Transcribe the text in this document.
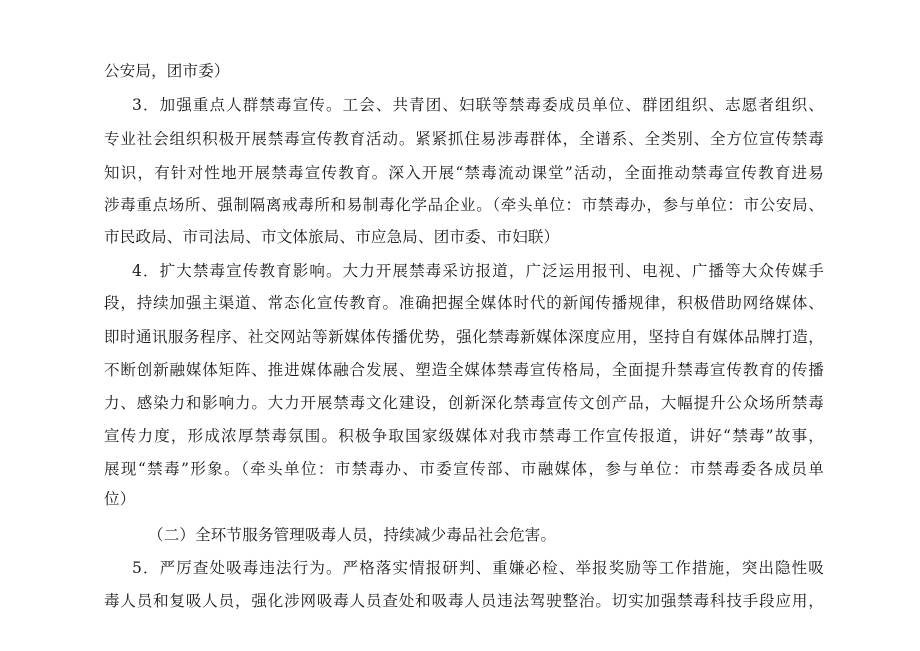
公安局，团市委）
3．加强重点人群禁毒宣传。工会、共青团、妇联等禁毒委成员单位、群团组织、志愿者组织、
专业社会组织积极开展禁毒宣传教育活动。紧紧抓住易涉毒群体，全谱系、全类别、全方位宣传禁毒
知识，有针对性地开展禁毒宣传教育。深入开展“禁毒流动课堂”活动，全面推动禁毒宣传教育进易
涉毒重点场所、强制隔离戒毒所和易制毒化学品企业。（牵头单位：市禁毒办，参与单位：市公安局、
市民政局、市司法局、市文体旅局、市应急局、团市委、市妇联）
4．扩大禁毒宣传教育影响。大力开展禁毒采访报道，广泛运用报刊、电视、广播等大众传媒手
段，持续加强主渠道、常态化宣传教育。准确把握全媒体时代的新闻传播规律，积极借助网络媒体、
即时通讯服务程序、社交网站等新媒体传播优势，强化禁毒新媒体深度应用，坚持自有媒体品牌打造，
不断创新融媒体矩阵、推进媒体融合发展、塑造全媒体禁毒宣传格局，全面提升禁毒宣传教育的传播
力、感染力和影响力。大力开展禁毒文化建设，创新深化禁毒宣传文创产品，大幅提升公众场所禁毒
宣传力度，形成浓厚禁毒氛围。积极争取国家级媒体对我市禁毒工作宣传报道，讲好“禁毒”故事，
展现“禁毒”形象。（牵头单位：市禁毒办、市委宣传部、市融媒体，参与单位：市禁毒委各成员单
位）
（二）全环节服务管理吸毒人员，持续减少毒品社会危害。
5．严厉查处吸毒违法行为。严格落实情报研判、重嫌必检、举报奖励等工作措施，突出隐性吸
毒人员和复吸人员，强化涉网吸毒人员查处和吸毒人员违法驾驶整治。切实加强禁毒科技手段应用，
